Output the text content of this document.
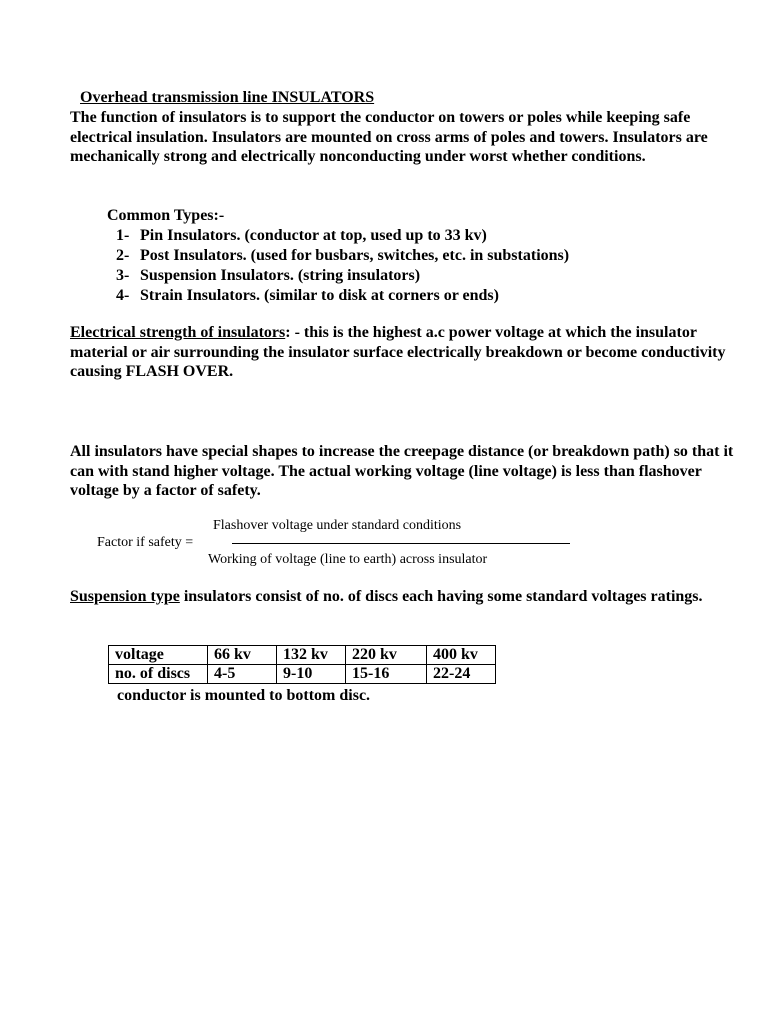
Overhead transmission line INSULATORS

The function of insulators is to support the conductor on towers or poles while keeping safe electrical insulation. Insulators are mounted on cross arms of poles and towers. Insulators are mechanically strong and electrically nonconducting under worst whether conditions.

Common Types:-
1- Pin Insulators. (conductor at top, used up to 33 kv)
2- Post Insulators. (used for busbars, switches, etc. in substations)
3- Suspension Insulators. (string insulators)
4- Strain Insulators. (similar to disk at corners or ends)

Electrical strength of insulators: - this is the highest a.c power voltage at which the insulator material or air surrounding the insulator surface electrically breakdown or become conductivity causing FLASH OVER.

All insulators have special shapes to increase the creepage distance (or breakdown path) so that it can with stand higher voltage. The actual working voltage (line voltage) is less than flashover voltage by a factor of safety.

Factor if safety =
Flashover voltage under standard conditions
Working of voltage (line to earth) across insulator

Suspension type insulators consist of no. of discs each having some standard voltages ratings.

voltage	66 kv	132 kv	220 kv	400 kv
no. of discs	4-5	9-10	15-16	22-24
conductor is mounted to bottom disc.
